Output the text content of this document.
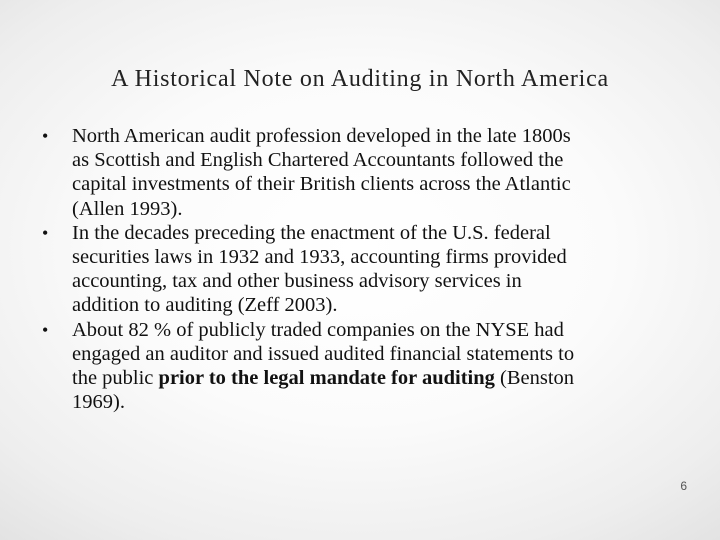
A Historical Note on Auditing in North America
•	North American audit profession developed in the late 1800s
as Scottish and English Chartered Accountants followed the
capital investments of their British clients across the Atlantic
(Allen 1993).
•	In the decades preceding the enactment of the U.S. federal
securities laws in 1932 and 1933, accounting firms provided
accounting, tax and other business advisory services in
addition to auditing (Zeff 2003).
•	About 82 % of publicly traded companies on the NYSE had
engaged an auditor and issued audited financial statements to
the public prior to the legal mandate for auditing (Benston
1969).
6
